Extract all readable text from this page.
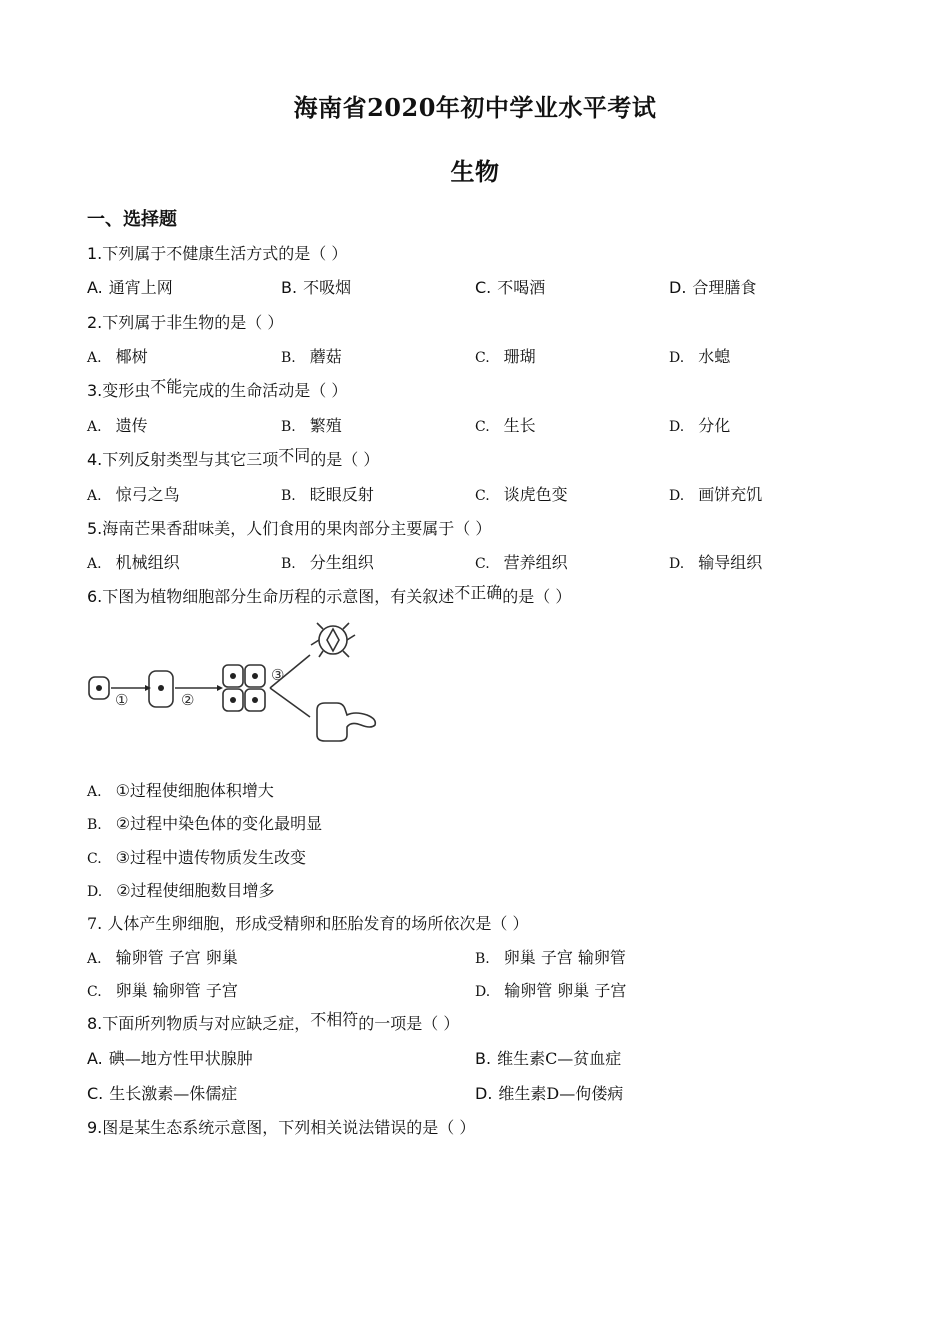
海南省2020年初中学业水平考试
生物
一、选择题
1.下列属于不健康生活方式的是（ ）
A. 通宵上网	B. 不吸烟	C. 不喝酒	D. 合理膳食
2.下列属于非生物的是（ ）
A. 椰树	B. 蘑菇	C. 珊瑚	D. 水螅
3.变形虫不能完成的生命活动是（ ）
A. 遗传	B. 繁殖	C. 生长	D. 分化
4.下列反射类型与其它三项不同的是（ ）
A. 惊弓之鸟	B. 眨眼反射	C. 谈虎色变	D. 画饼充饥
5.海南芒果香甜味美，人们食用的果肉部分主要属于（ ）
A. 机械组织	B. 分生组织	C. 营养组织	D. 输导组织
6.下图为植物细胞部分生命历程的示意图，有关叙述不正确的是（ ）
①	②
③
A. ①过程使细胞体积增大
B. ②过程中染色体的变化最明显
C. ③过程中遗传物质发生改变
D. ②过程使细胞数目增多
7. 人体产生卵细胞，形成受精卵和胚胎发育的场所依次是（ ）
A. 输卵管 子宫 卵巢	B. 卵巢 子宫 输卵管
C. 卵巢 输卵管 子宫	D. 输卵管 卵巢 子宫
8.下面所列物质与对应缺乏症，不相符的一项是（ ）
A. 碘—地方性甲状腺肿	B. 维生素C—贫血症
C. 生长激素—侏儒症	D. 维生素D—佝偻病
9.图是某生态系统示意图，下列相关说法错误的是（ ）
